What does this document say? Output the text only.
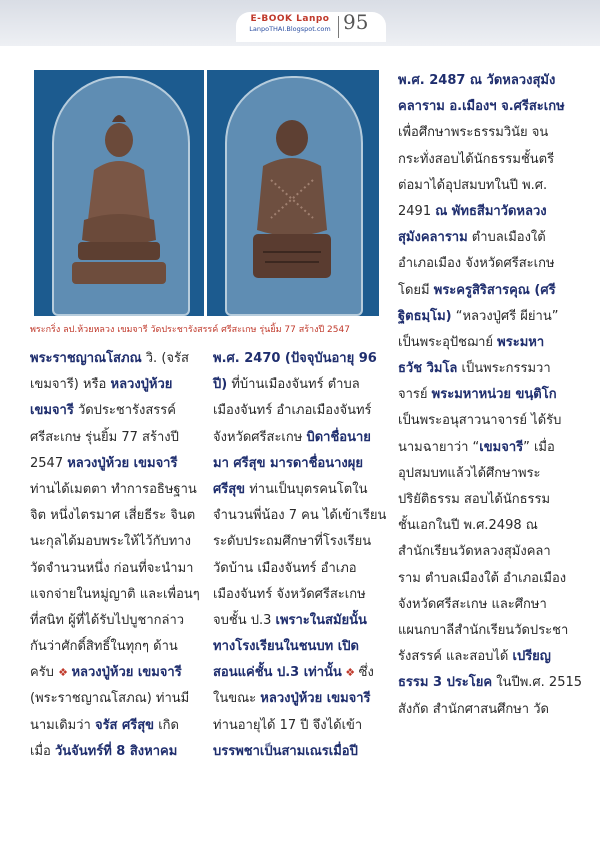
E-BOOK Lanpo
LanpoTHAI.Blogspot.com 95
พระกริ่ง ลป.ห้วยหลวง เขมจารี วัดประชารังสรรค์ ศรีสะเกษ รุ่นยิ้ม 77 สร้างปี 2547
พระราชญาณโสภณ วิ. (จรัส
เขมจารี) หรือ หลวงปู่ห้วย
เขมจารี วัดประชารังสรรค์
ศรีสะเกษ รุ่นยิ้ม 77 สร้างปี
2547 หลวงปู่ห้วย เขมจารี
ท่านได้เมตตา ทำการอธิษฐาน
จิต หนึ่งไตรมาศ เสี่ยธีระ จินต
นะกุลได้มอบพระให้ไว้กับทาง
วัดจำนวนหนึ่ง ก่อนที่จะนำมา
แจกจ่ายในหมู่ญาติ และเพื่อนๆ
ที่สนิท ผู้ที่ได้รับไปบูชากล่าว
กันว่าศักดิ์สิทธิ์ในทุกๆ ด้าน
ครับ ❖ หลวงปู่ห้วย เขมจารี
(พระราชญาณโสภณ) ท่านมี
นามเดิมว่า จรัส ศรีสุข เกิด
เมื่อ วันจันทร์ที่ 8 สิงหาคม
พ.ศ. 2470 (ปัจจุบันอายุ 96
ปี) ที่บ้านเมืองจันทร์ ตำบล
เมืองจันทร์ อำเภอเมืองจันทร์
จังหวัดศรีสะเกษ บิดาชื่อนาย
มา ศรีสุข มารดาชื่อนางผุย
ศรีสุข ท่านเป็นบุตรคนโตใน
จำนวนพี่น้อง 7 คน ได้เข้าเรียน
ระดับประถมศึกษาที่โรงเรียน
วัดบ้าน เมืองจันทร์ อำเภอ
เมืองจันทร์ จังหวัดศรีสะเกษ
จบชั้น ป.3 เพราะในสมัยนั้น
ทางโรงเรียนในชนบท เปิด
สอนแค่ชั้น ป.3 เท่านั้น ❖ ซึ่ง
ในขณะ หลวงปู่ห้วย เขมจารี
ท่านอายุได้ 17 ปี จึงได้เข้า
บรรพชาเป็นสามเณรเมื่อปี
พ.ศ. 2487 ณ วัดหลวงสุมัง
คลาราม อ.เมืองฯ จ.ศรีสะเกษ
เพื่อศึกษาพระธรรมวินัย จน
กระทั่งสอบได้นักธรรมชั้นตรี
ต่อมาได้อุปสมบทในปี พ.ศ.
2491 ณ พัทธสีมาวัดหลวง
สุมังคลาราม ตำบลเมืองใต้
อำเภอเมือง จังหวัดศรีสะเกษ
โดยมี พระครูสิริสารคุณ (ศรี
ฐิตธมฺโม) “หลวงปู่ศรี ผีย่าน”
เป็นพระอุปัชฌาย์ พระมหา
ธวัช วิมโล เป็นพระกรรมวา
จารย์ พระมหาหน่วย ขนฺติโก
เป็นพระอนุสาวนาจารย์ ได้รับ
นามฉายาว่า “เขมจารี” เมื่อ
อุปสมบทแล้วได้ศึกษาพระ
ปริยัติธรรม สอบได้นักธรรม
ชั้นเอกในปี พ.ศ.2498 ณ
สำนักเรียนวัดหลวงสุมังคลา
ราม ตำบลเมืองใต้ อำเภอเมือง
จังหวัดศรีสะเกษ และศึกษา
แผนกบาลีสำนักเรียนวัดประชา
รังสรรค์ และสอบได้ เปรียญ
ธรรม 3 ประโยค ในปีพ.ศ. 2515
สังกัด สำนักศาสนศึกษา วัด
